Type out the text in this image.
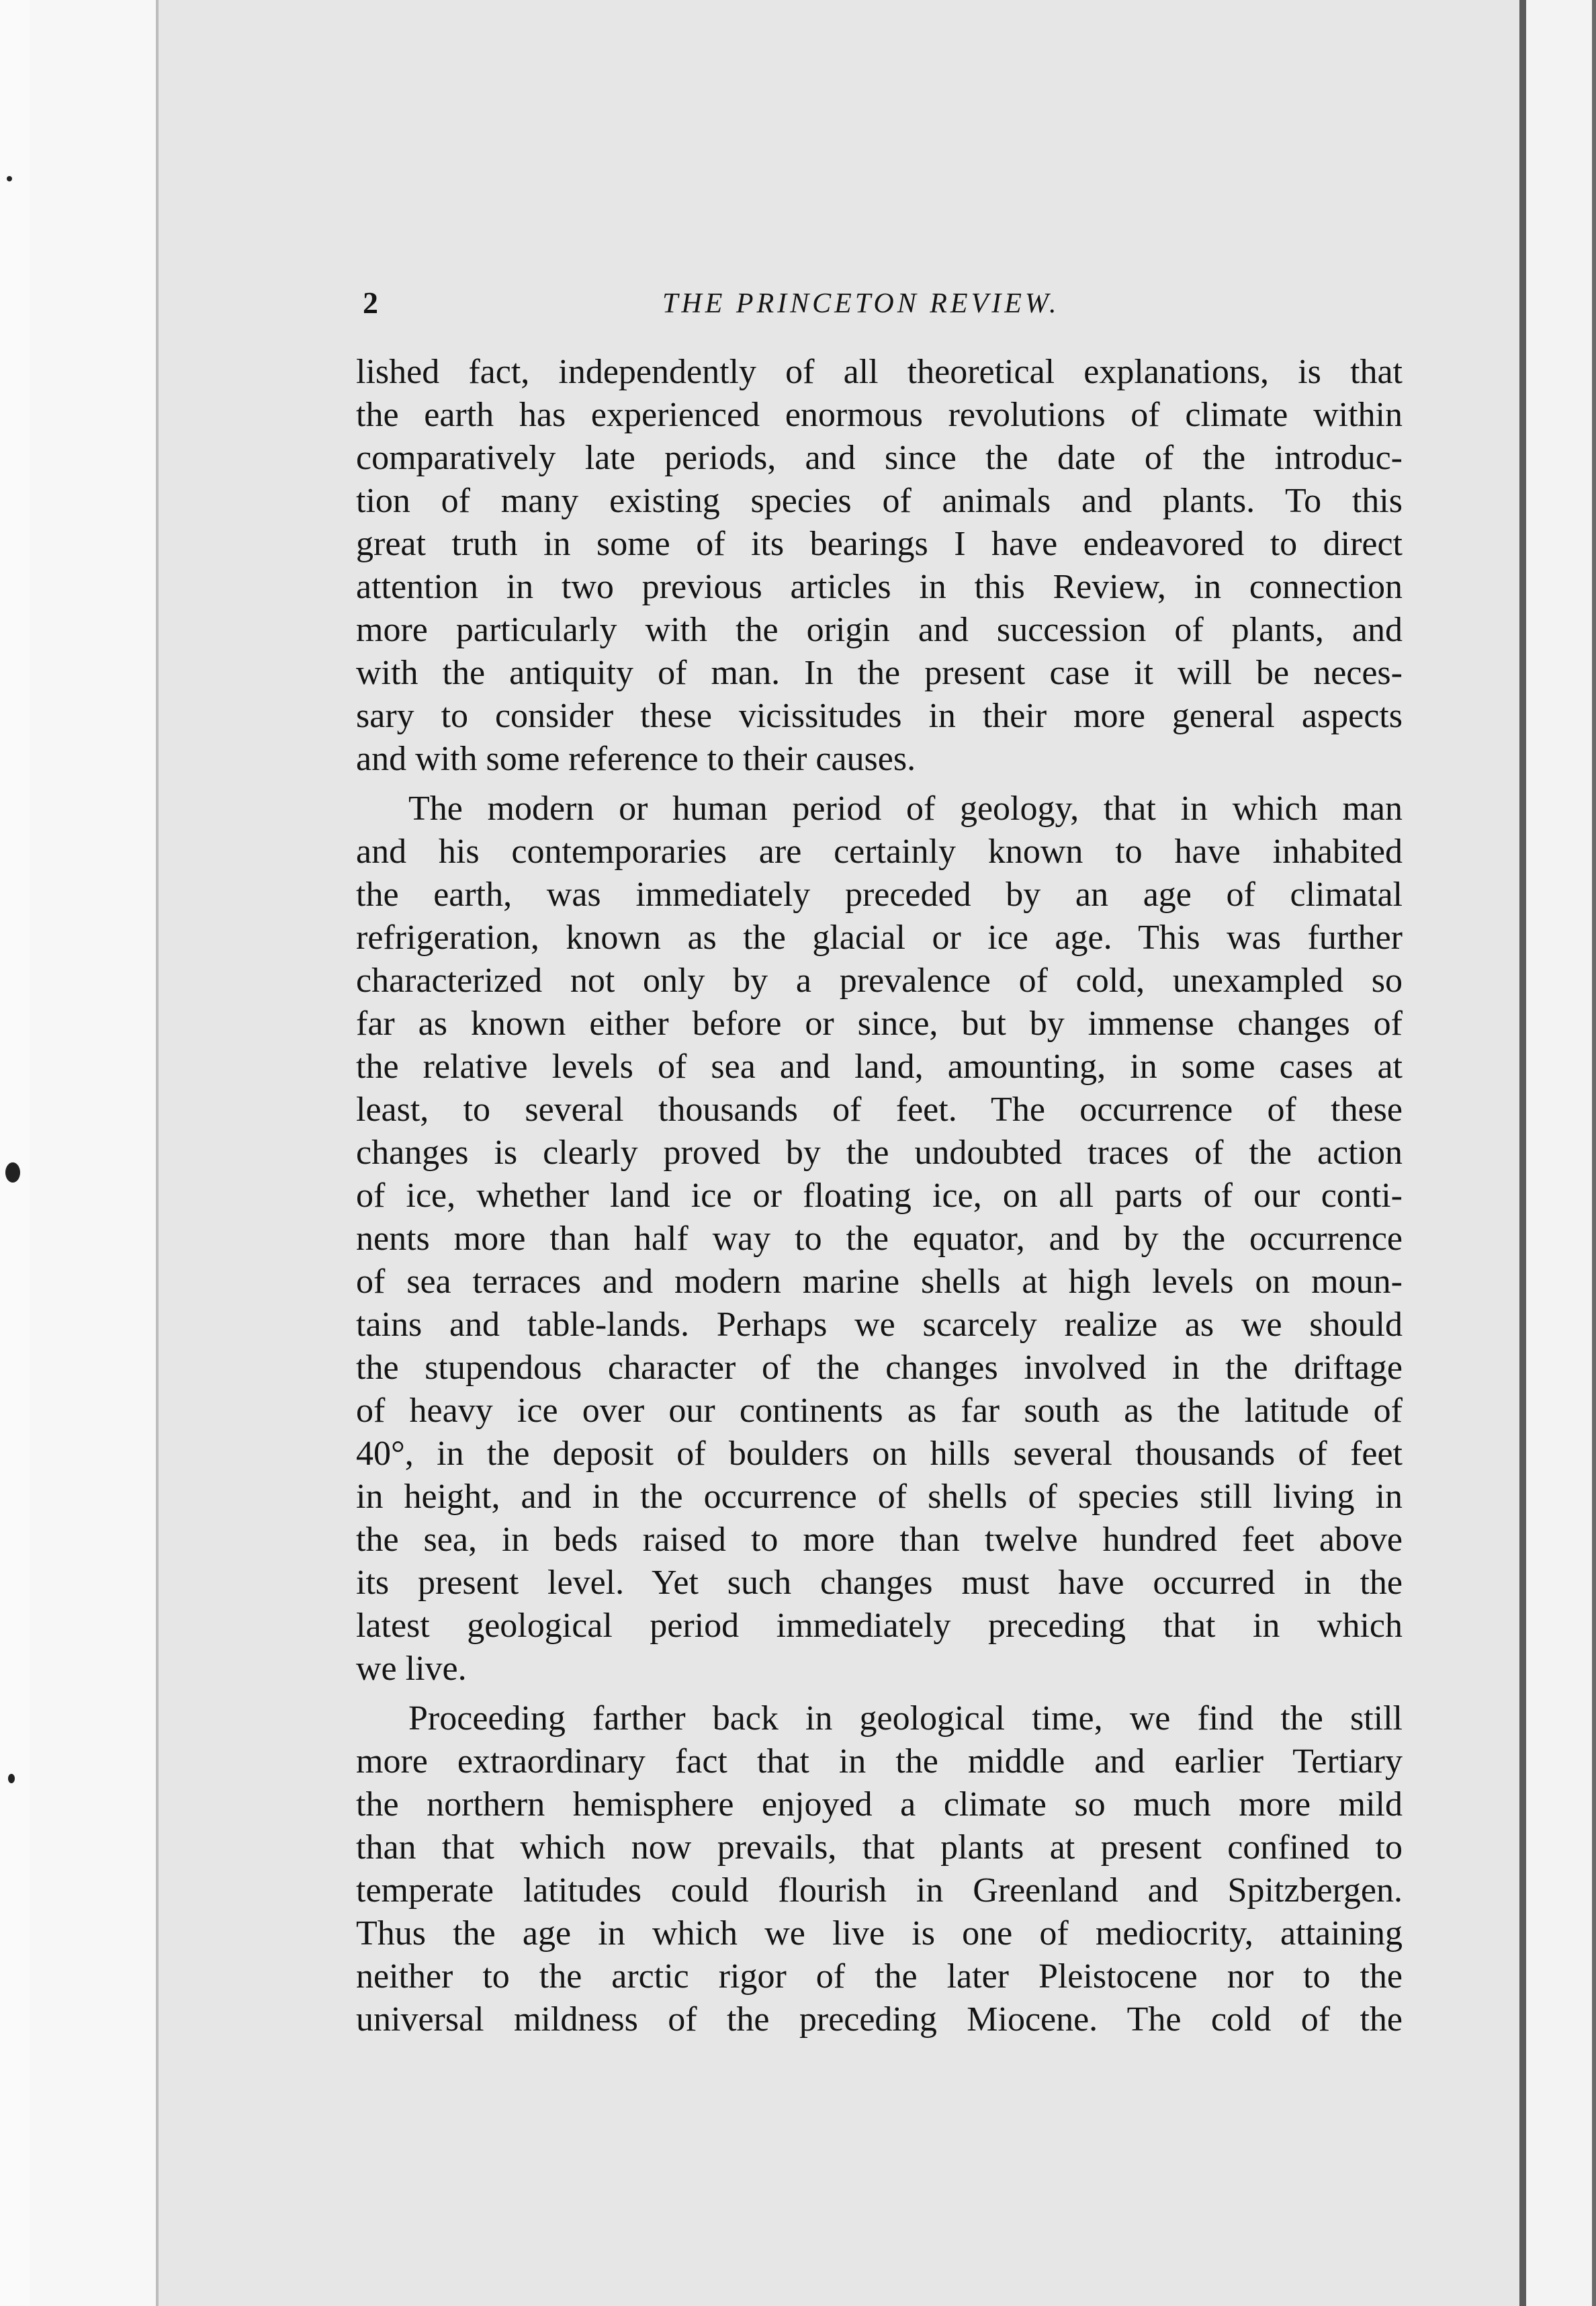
2	THE PRINCETON REVIEW.
lished fact, independently of all theoretical explanations, is that
the earth has experienced enormous revolutions of climate within
comparatively late periods, and since the date of the introduc-
tion of many existing species of animals and plants. To this
great truth in some of its bearings I have endeavored to direct
attention in two previous articles in this Review, in connection
more particularly with the origin and succession of plants, and
with the antiquity of man. In the present case it will be neces-
sary to consider these vicissitudes in their more general aspects
and with some reference to their causes.
The modern or human period of geology, that in which man
and his contemporaries are certainly known to have inhabited
the earth, was immediately preceded by an age of climatal
refrigeration, known as the glacial or ice age. This was further
characterized not only by a prevalence of cold, unexampled so
far as known either before or since, but by immense changes of
the relative levels of sea and land, amounting, in some cases at
least, to several thousands of feet. The occurrence of these
changes is clearly proved by the undoubted traces of the action
of ice, whether land ice or floating ice, on all parts of our conti-
nents more than half way to the equator, and by the occurrence
of sea terraces and modern marine shells at high levels on moun-
tains and table-lands. Perhaps we scarcely realize as we should
the stupendous character of the changes involved in the driftage
of heavy ice over our continents as far south as the latitude of
40°, in the deposit of boulders on hills several thousands of feet
in height, and in the occurrence of shells of species still living in
the sea, in beds raised to more than twelve hundred feet above
its present level. Yet such changes must have occurred in the
latest geological period immediately preceding that in which
we live.
Proceeding farther back in geological time, we find the still
more extraordinary fact that in the middle and earlier Tertiary
the northern hemisphere enjoyed a climate so much more mild
than that which now prevails, that plants at present confined to
temperate latitudes could flourish in Greenland and Spitzbergen.
Thus the age in which we live is one of mediocrity, attaining
neither to the arctic rigor of the later Pleistocene nor to the
universal mildness of the preceding Miocene. The cold of the
